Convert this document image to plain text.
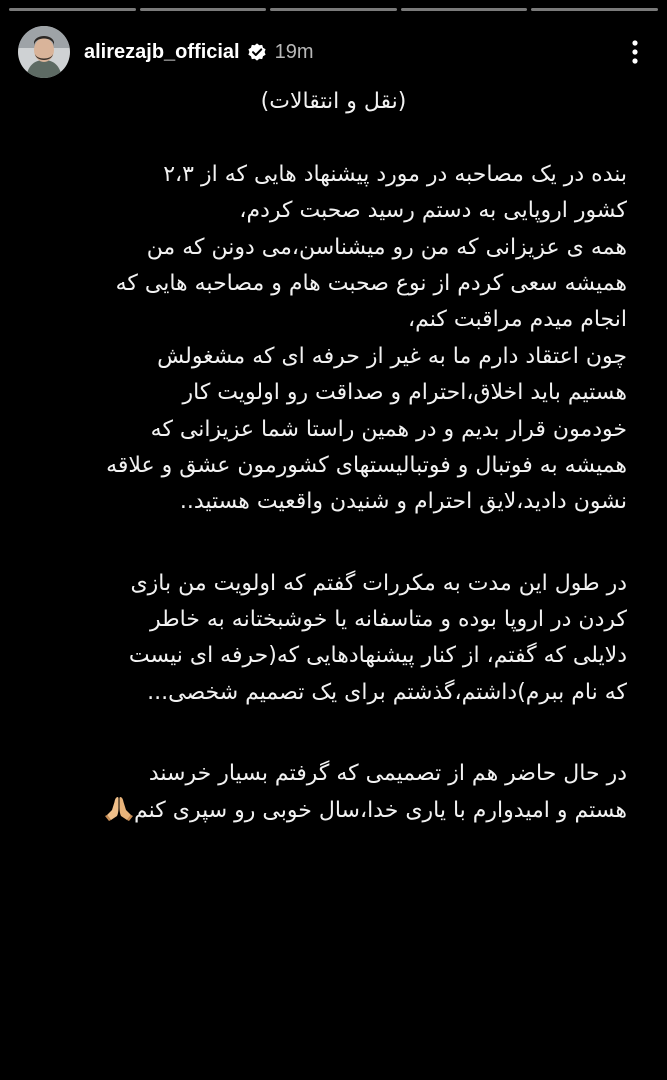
alirezajb_official 19m
(نقل و انتقالات)
بنده در یک مصاحبه در مورد پیشنهاد هایی که از ۲،۳
کشور اروپایی به دستم رسید صحبت کردم،
همه ی عزیزانی که من رو میشناسن،می دونن که من
همیشه سعی کردم از نوع صحبت هام و مصاحبه هایی که
انجام میدم مراقبت کنم،
چون اعتقاد دارم ما به غیر از حرفه ای که مشغولش
هستیم باید اخلاق،احترام و صداقت رو اولویت کار
خودمون قرار بدیم و در همین راستا شما عزیزانی که
همیشه به فوتبال و فوتبالیستهای کشورمون عشق و علاقه
نشون دادید،لایق احترام و شنیدن واقعیت هستید..
در طول این مدت به مکررات گفتم که اولویت من بازی
کردن در اروپا بوده و متاسفانه یا خوشبختانه به خاطر
دلایلی که گفتم، از کنار پیشنهادهایی که(حرفه ای نیست
که نام ببرم)داشتم،گذشتم برای یک تصمیم شخصی...
در حال حاضر هم از تصمیمی که گرفتم بسیار خرسند
هستم و امیدوارم با یاری خدا،سال خوبی رو سپری کنم
